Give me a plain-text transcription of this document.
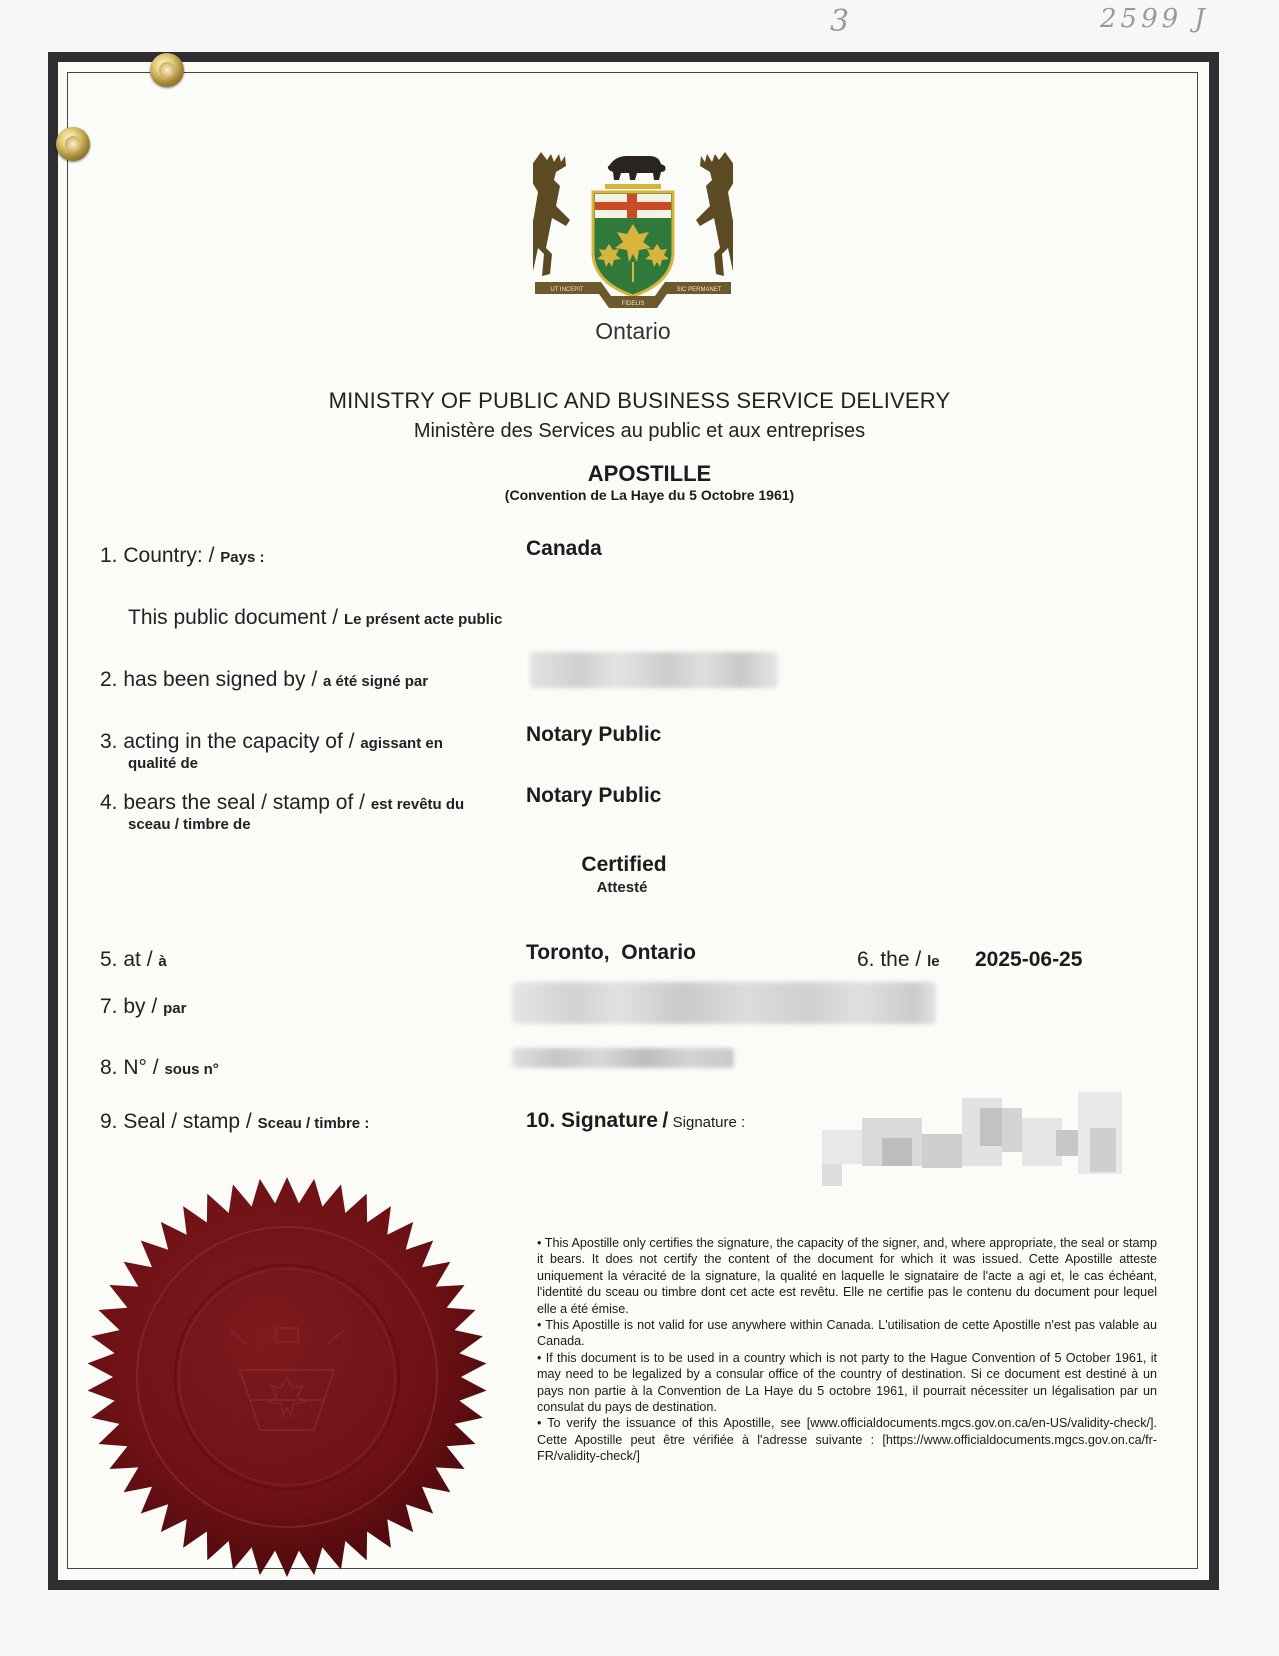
3	2599 J
UT INCEPIT
FIDELIS
SIC PERMANET
Ontario
MINISTRY OF PUBLIC AND BUSINESS SERVICE DELIVERY
Ministère des Services au public et aux entreprises
APOSTILLE
(Convention de La Haye du 5 Octobre 1961)
1. Country: / Pays :	Canada
This public document / Le présent acte public
2. has been signed by / a été signé par
3. acting in the capacity of / agissant en
qualité de
Notary Public
4. bears the seal / stamp of / est revêtu du
sceau / timbre de
Notary Public
Certified
Attesté
5. at / à	Toronto, Ontario	6. the / le 2025-06-25
7. by / par
8. N° / sous n°
9. Seal / stamp / Sceau / timbre :	10. Signature / Signature :

• This Apostille only certifies the signature, the capacity of the signer, and, where appropriate, the seal or stamp it bears. It does not certify the content of the document for which it was issued. Cette Apostille atteste uniquement la véracité de la signature, la qualité en laquelle le signataire de l'acte a agi et, le cas échéant, l'identité du sceau ou timbre dont cet acte est revêtu. Elle ne certifie pas le contenu du document pour lequel elle a été émise.

• This Apostille is not valid for use anywhere within Canada. L'utilisation de cette Apostille n'est pas valable au Canada.

• If this document is to be used in a country which is not party to the Hague Convention of 5 October 1961, it may need to be legalized by a consular office of the country of destination. Si ce document est destiné à un pays non partie à la Convention de La Haye du 5 octobre 1961, il pourrait nécessiter un légalisation par un consulat du pays de destination.

• To verify the issuance of this Apostille, see [www.officialdocuments.mgcs.gov.on.ca/en-US/validity-check/]. Cette Apostille peut être vérifiée à l'adresse suivante : [https://www.officialdocuments.mgcs.gov.on.ca/fr-FR/validity-check/]
